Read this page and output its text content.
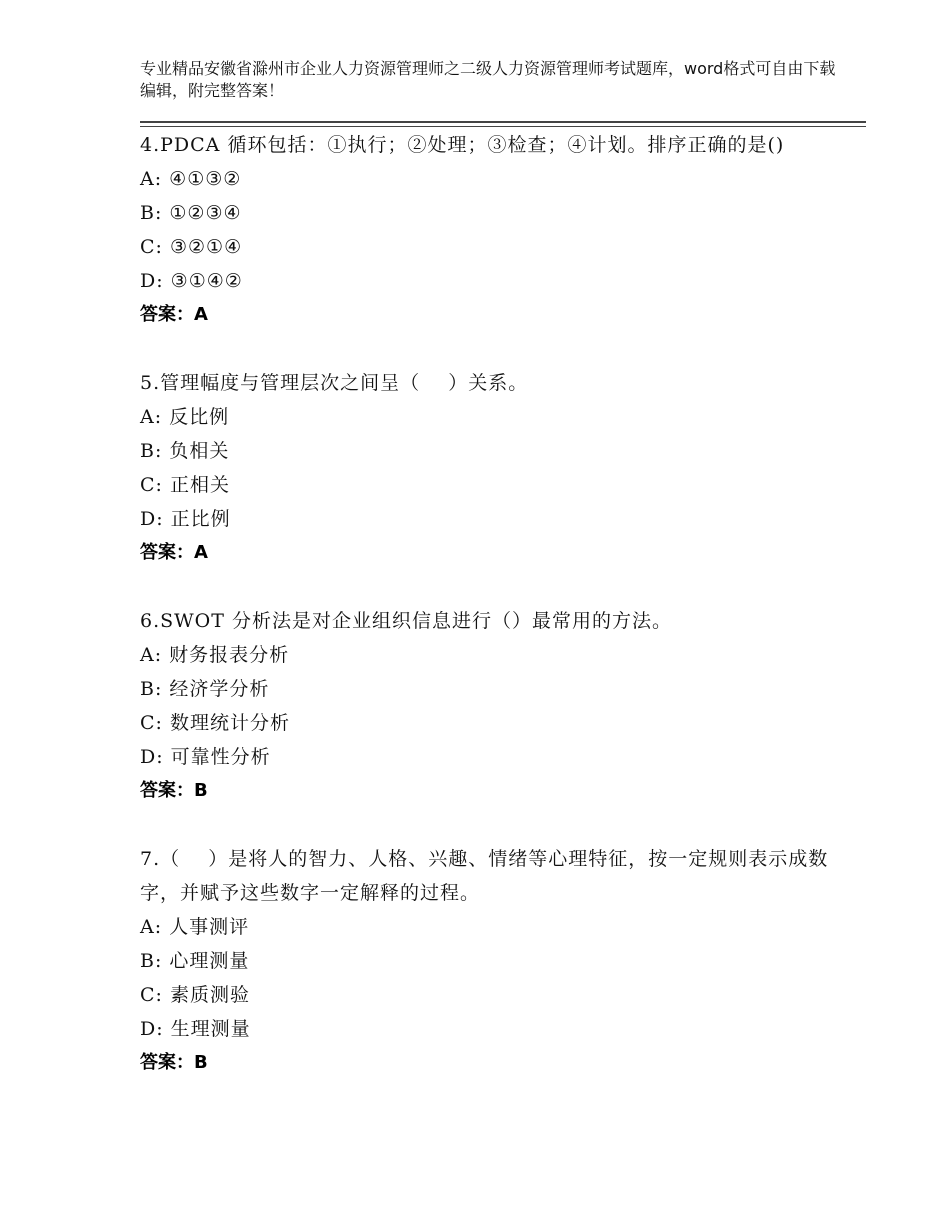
专业精品安徽省滁州市企业人力资源管理师之二级人力资源管理师考试题库，word格式可自由下载编辑，附完整答案！
4.PDCA 循环包括：①执行；②处理；③检查；④计划。排序正确的是()
A: ④①③②
B: ①②③④
C: ③②①④
D: ③①④②
答案：A
5.管理幅度与管理层次之间呈（    ）关系。
A: 反比例
B: 负相关
C: 正相关
D: 正比例
答案：A
6.SWOT 分析法是对企业组织信息进行（）最常用的方法。
A: 财务报表分析
B: 经济学分析
C: 数理统计分析
D: 可靠性分析
答案：B
7.（    ）是将人的智力、人格、兴趣、情绪等心理特征，按一定规则表示成数字，并赋予这些数字一定解释的过程。
A: 人事测评
B: 心理测量
C: 素质测验
D: 生理测量
答案：B
